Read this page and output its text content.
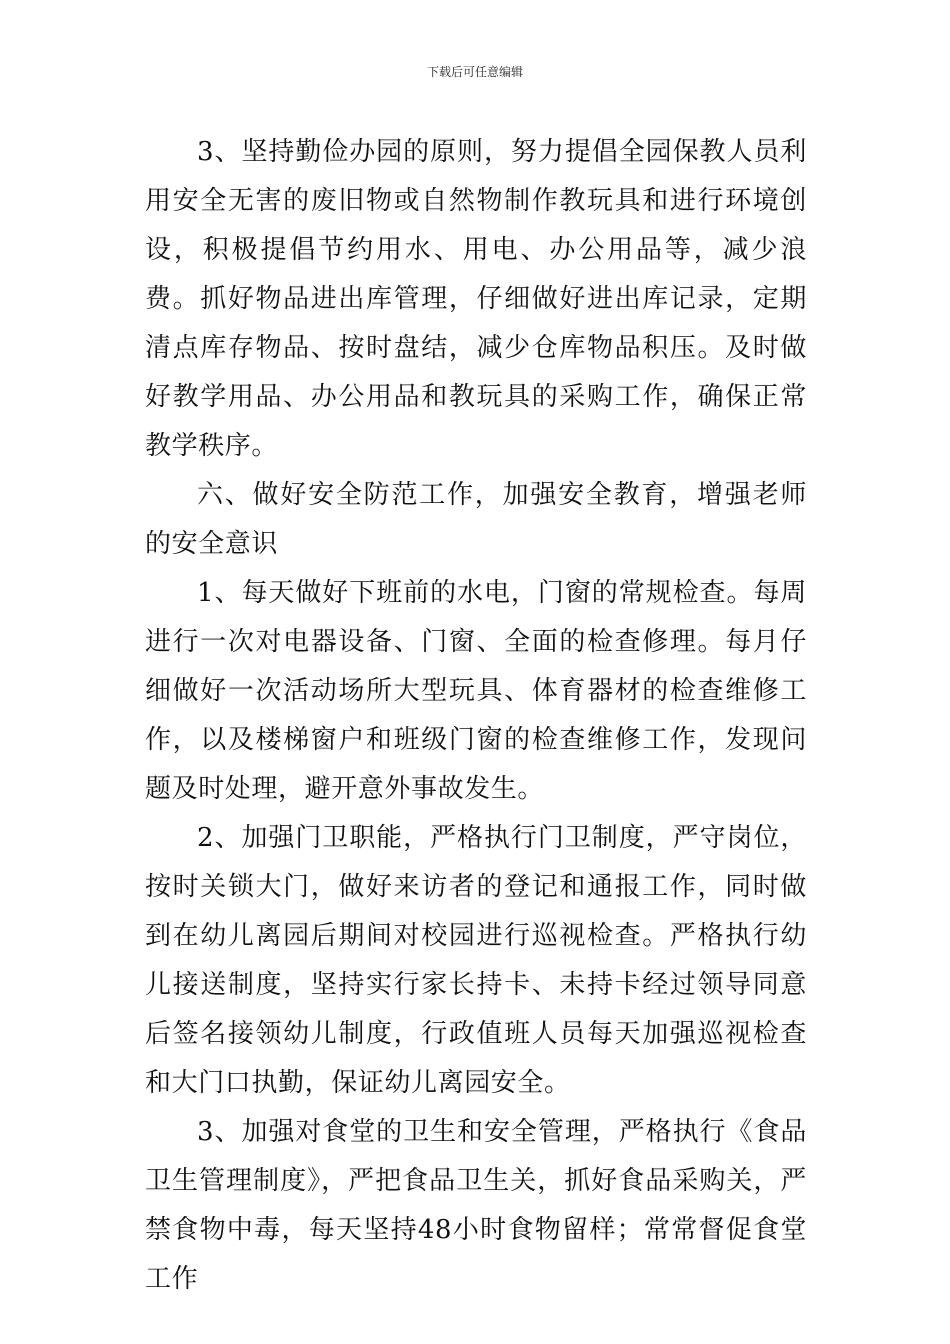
下载后可任意编辑

3、坚持勤俭办园的原则，努力提倡全园保教人员利用安全无害的废旧物或自然物制作教玩具和进行环境创设，积极提倡节约用水、用电、办公用品等，减少浪费。抓好物品进出库管理，仔细做好进出库记录，定期清点库存物品、按时盘结，减少仓库物品积压。及时做好教学用品、办公用品和教玩具的采购工作，确保正常教学秩序。

六、做好安全防范工作，加强安全教育，增强老师的安全意识

1、每天做好下班前的水电，门窗的常规检查。每周进行一次对电器设备、门窗、全面的检查修理。每月仔细做好一次活动场所大型玩具、体育器材的检查维修工作，以及楼梯窗户和班级门窗的检查维修工作，发现问题及时处理，避开意外事故发生。

2、加强门卫职能，严格执行门卫制度，严守岗位，按时关锁大门，做好来访者的登记和通报工作，同时做到在幼儿离园后期间对校园进行巡视检查。严格执行幼儿接送制度，坚持实行家长持卡、未持卡经过领导同意后签名接领幼儿制度，行政值班人员每天加强巡视检查和大门口执勤，保证幼儿离园安全。

3、加强对食堂的卫生和安全管理，严格执行《食品卫生管理制度》，严把食品卫生关，抓好食品采购关，严禁食物中毒，每天坚持48小时食物留样；常常督促食堂工作
